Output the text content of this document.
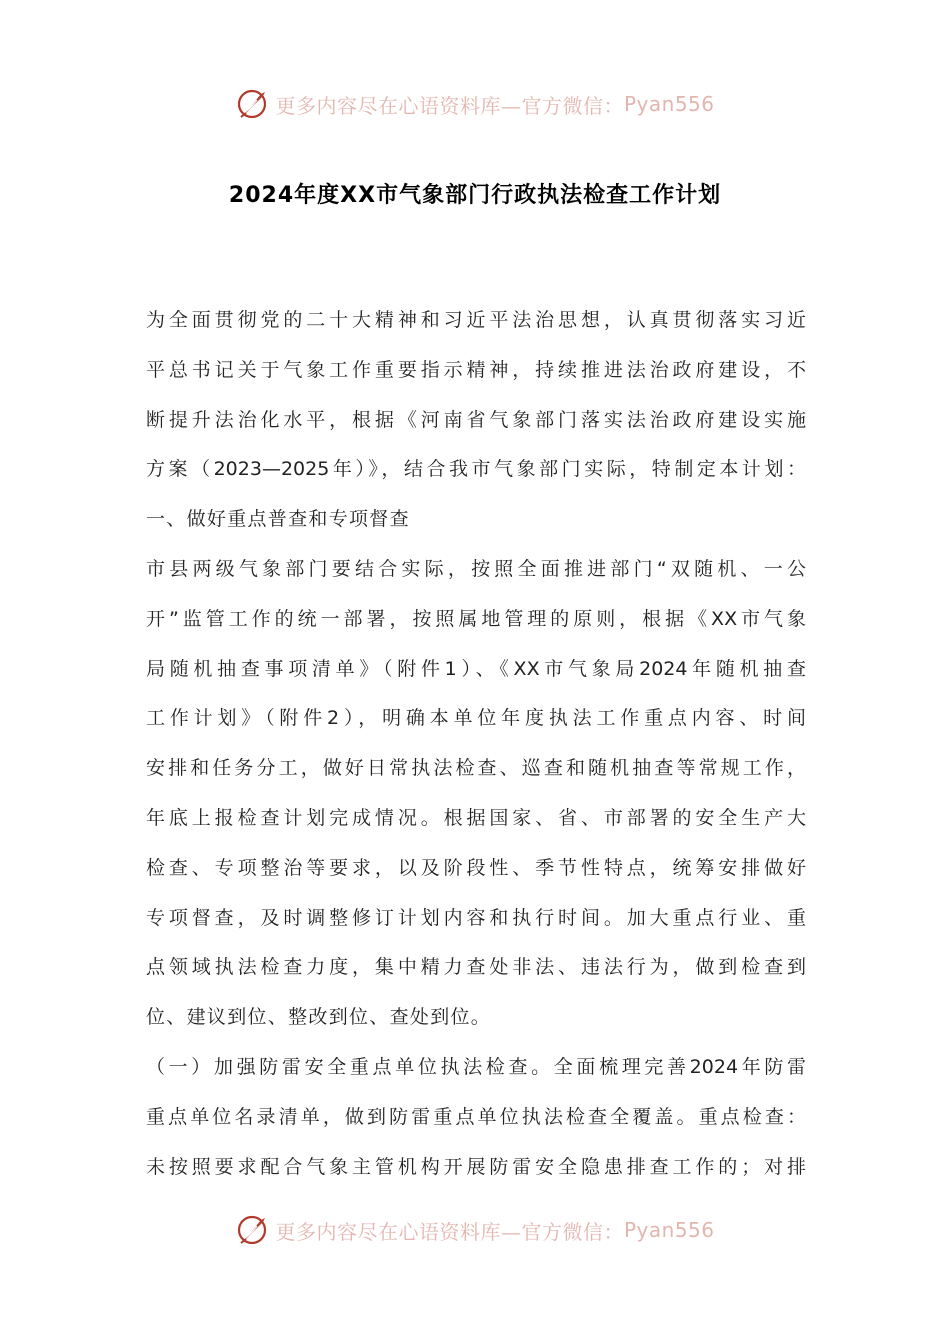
更多内容尽在心语资料库—官方微信： Pyan556
2024年度XX市气象部门行政执法检查工作计划
为全面贯彻党的二十大精神和习近平法治思想，认真贯彻落实习近
平总书记关于气象工作重要指示精神，持续推进法治政府建设，不
断提升法治化水平，根据《河南省气象部门落实法治政府建设实施
方案（2023—2025年）》，结合我市气象部门实际，特制定本计划：
一、做好重点普查和专项督查
市县两级气象部门要结合实际，按照全面推进部门“双随机、一公
开”监管工作的统一部署，按照属地管理的原则，根据《XX市气象
局随机抽查事项清单》（附件1）、《XX市气象局2024年随机抽查
工作计划》（附件2），明确本单位年度执法工作重点内容、时间
安排和任务分工，做好日常执法检查、巡查和随机抽查等常规工作，
年底上报检查计划完成情况。根据国家、省、市部署的安全生产大
检查、专项整治等要求，以及阶段性、季节性特点，统筹安排做好
专项督查，及时调整修订计划内容和执行时间。加大重点行业、重
点领域执法检查力度，集中精力查处非法、违法行为，做到检查到
位、建议到位、整改到位、查处到位。
（一）加强防雷安全重点单位执法检查。全面梳理完善2024年防雷
重点单位名录清单，做到防雷重点单位执法检查全覆盖。重点检查：
未按照要求配合气象主管机构开展防雷安全隐患排查工作的；对排
更多内容尽在心语资料库—官方微信： Pyan556
